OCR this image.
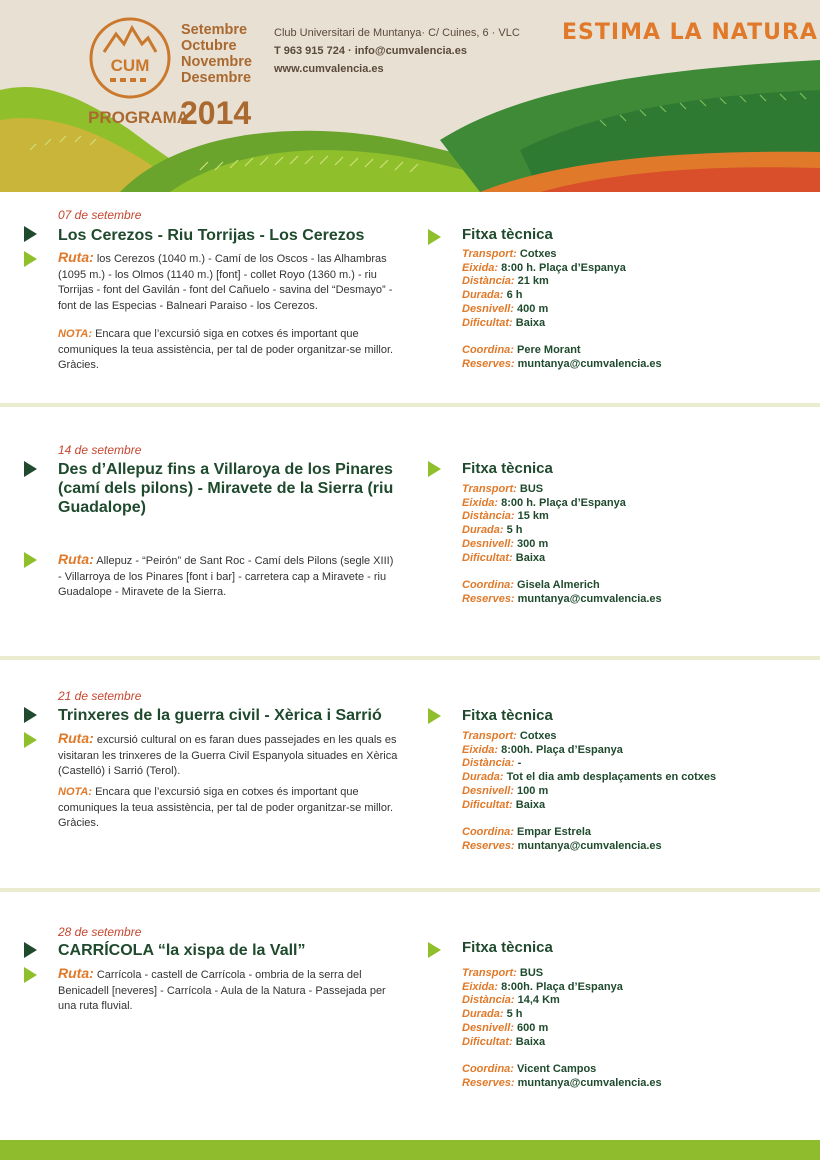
CUM
Setembre
Octubre
Novembre
Desembre
PROGRAMA
2014
Club Universitari de Muntanya· C/ Cuines, 6 · VLC
T 963 915 724 · info@cumvalencia.es
www.cumvalencia.es
ESTIMA LA NATURA
07 de setembre
Los Cerezos - Riu Torrijas - Los Cerezos
Ruta: los Cerezos (1040 m.) - Camí de los Oscos - las Alhambras (1095 m.) - los Olmos (1140 m.) [font] - collet Royo (1360 m.) - riu Torrijas - font del Gavilán - font del Cañuelo - savina del “Desmayo” - font de las Especias - Balneari Paraiso - los Cerezos.
NOTA: Encara que l’excursió siga en cotxes és important que comuniques la teua assistència, per tal de poder organitzar-se millor. Gràcies.
Fitxa tècnica
Transport: Cotxes
Eixida: 8:00 h. Plaça d’Espanya
Distància: 21 km
Durada: 6 h
Desnivell: 400 m
Dificultat: Baixa
Coordina: Pere Morant
Reserves: muntanya@cumvalencia.es
14 de setembre
Des d’Allepuz fins a Villaroya de los Pinares (camí dels pilons) - Miravete de la Sierra (riu Guadalope)
Ruta: Allepuz - “Peirón” de Sant Roc - Camí dels Pilons (segle XIII) - Villarroya de los Pinares [font i bar] - carretera cap a Miravete - riu Guadalope - Miravete de la Sierra.
Fitxa tècnica
Transport: BUS
Eixida: 8:00 h. Plaça d’Espanya
Distància: 15 km
Durada: 5 h
Desnivell: 300 m
Dificultat: Baixa
Coordina: Gisela Almerich
Reserves: muntanya@cumvalencia.es
21 de setembre
Trinxeres de la guerra civil - Xèrica i Sarrió
Ruta: excursió cultural on es faran dues passejades en les quals es visitaran les trinxeres de la Guerra Civil Espanyola situades en Xèrica (Castelló) i Sarrió (Terol).
NOTA: Encara que l’excursió siga en cotxes és important que comuniques la teua assistència, per tal de poder organitzar-se millor. Gràcies.
Fitxa tècnica
Transport: Cotxes
Eixida: 8:00h. Plaça d’Espanya
Distància: -
Durada: Tot el dia amb desplaçaments en cotxes
Desnivell: 100 m
Dificultat: Baixa
Coordina: Empar Estrela
Reserves: muntanya@cumvalencia.es
28 de setembre
CARRÍCOLA “la xispa de la Vall”
Ruta: Carrícola - castell de Carrícola - ombria de la serra del Benicadell [neveres] - Carrícola - Aula de la Natura - Passejada per una ruta fluvial.
Fitxa tècnica
Transport: BUS
Eixida: 8:00h. Plaça d’Espanya
Distància: 14,4 Km
Durada: 5 h
Desnivell: 600 m
Dificultat: Baixa
Coordina: Vicent Campos
Reserves: muntanya@cumvalencia.es
